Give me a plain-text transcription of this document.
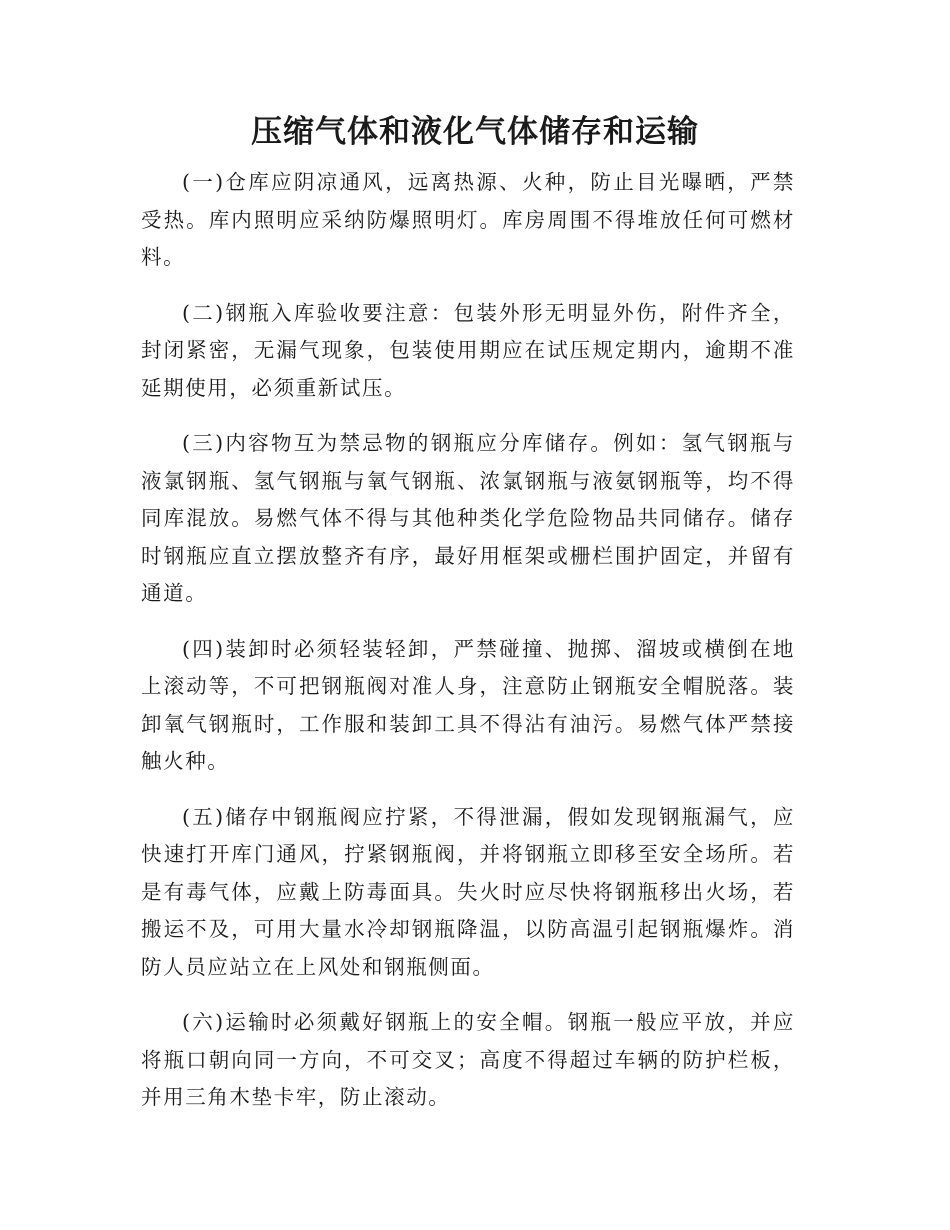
压缩气体和液化气体储存和运输

(一)仓库应阴凉通风，远离热源、火种，防止目光曝晒，严禁受热。库内照明应采纳防爆照明灯。库房周围不得堆放任何可燃材料。

(二)钢瓶入库验收要注意：包装外形无明显外伤，附件齐全，封闭紧密，无漏气现象，包装使用期应在试压规定期内，逾期不准延期使用，必须重新试压。

(三)内容物互为禁忌物的钢瓶应分库储存。例如：氢气钢瓶与液氯钢瓶、氢气钢瓶与氧气钢瓶、浓氯钢瓶与液氨钢瓶等，均不得同库混放。易燃气体不得与其他种类化学危险物品共同储存。储存时钢瓶应直立摆放整齐有序，最好用框架或栅栏围护固定，并留有通道。

(四)装卸时必须轻装轻卸，严禁碰撞、抛掷、溜坡或横倒在地上滚动等，不可把钢瓶阀对准人身，注意防止钢瓶安全帽脱落。装卸氧气钢瓶时，工作服和装卸工具不得沾有油污。易燃气体严禁接触火种。

(五)储存中钢瓶阀应拧紧，不得泄漏，假如发现钢瓶漏气，应快速打开库门通风，拧紧钢瓶阀，并将钢瓶立即移至安全场所。若是有毒气体，应戴上防毒面具。失火时应尽快将钢瓶移出火场，若搬运不及，可用大量水冷却钢瓶降温，以防高温引起钢瓶爆炸。消防人员应站立在上风处和钢瓶侧面。

(六)运输时必须戴好钢瓶上的安全帽。钢瓶一般应平放，并应将瓶口朝向同一方向，不可交叉；高度不得超过车辆的防护栏板，并用三角木垫卡牢，防止滚动。
